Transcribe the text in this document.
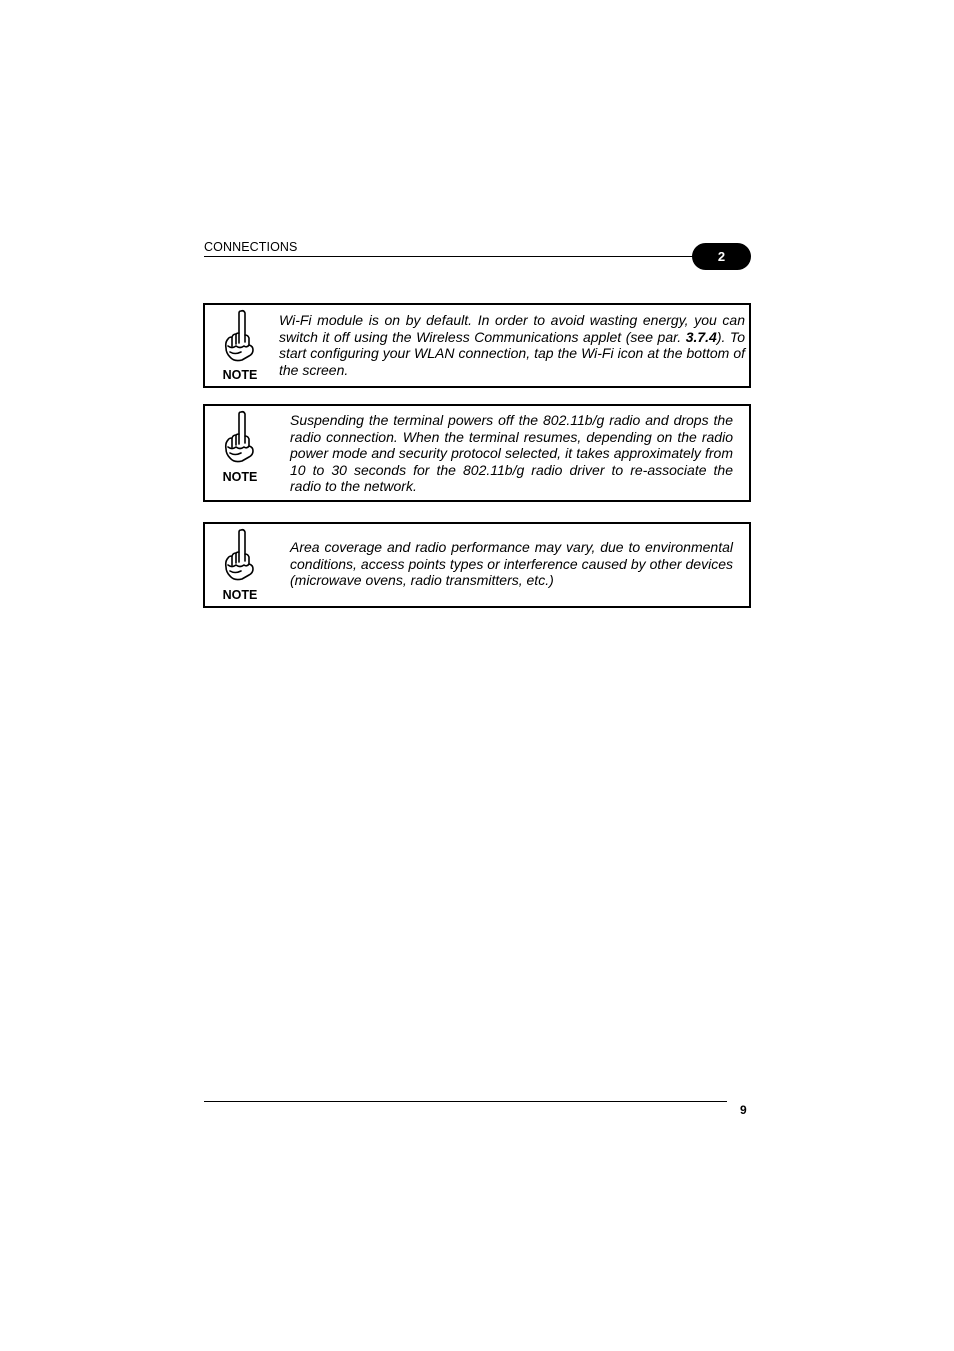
CONNECTIONS
2
NOTE
Wi-Fi module is on by default. In order to avoid wasting energy, you can switch it off using the Wireless Communications applet (see par. 3.7.4). To start configuring your WLAN connection, tap the Wi-Fi icon at the bottom of the screen.
NOTE
Suspending the terminal powers off the 802.11b/g radio and drops the radio connection. When the terminal resumes, depending on the radio power mode and security protocol selected, it takes approximately from 10 to 30 seconds for the 802.11b/g radio driver to re-associate the radio to the network.
NOTE
Area coverage and radio performance may vary, due to environmental conditions, access points types or interference caused by other devices (microwave ovens, radio transmitters, etc.)
9
